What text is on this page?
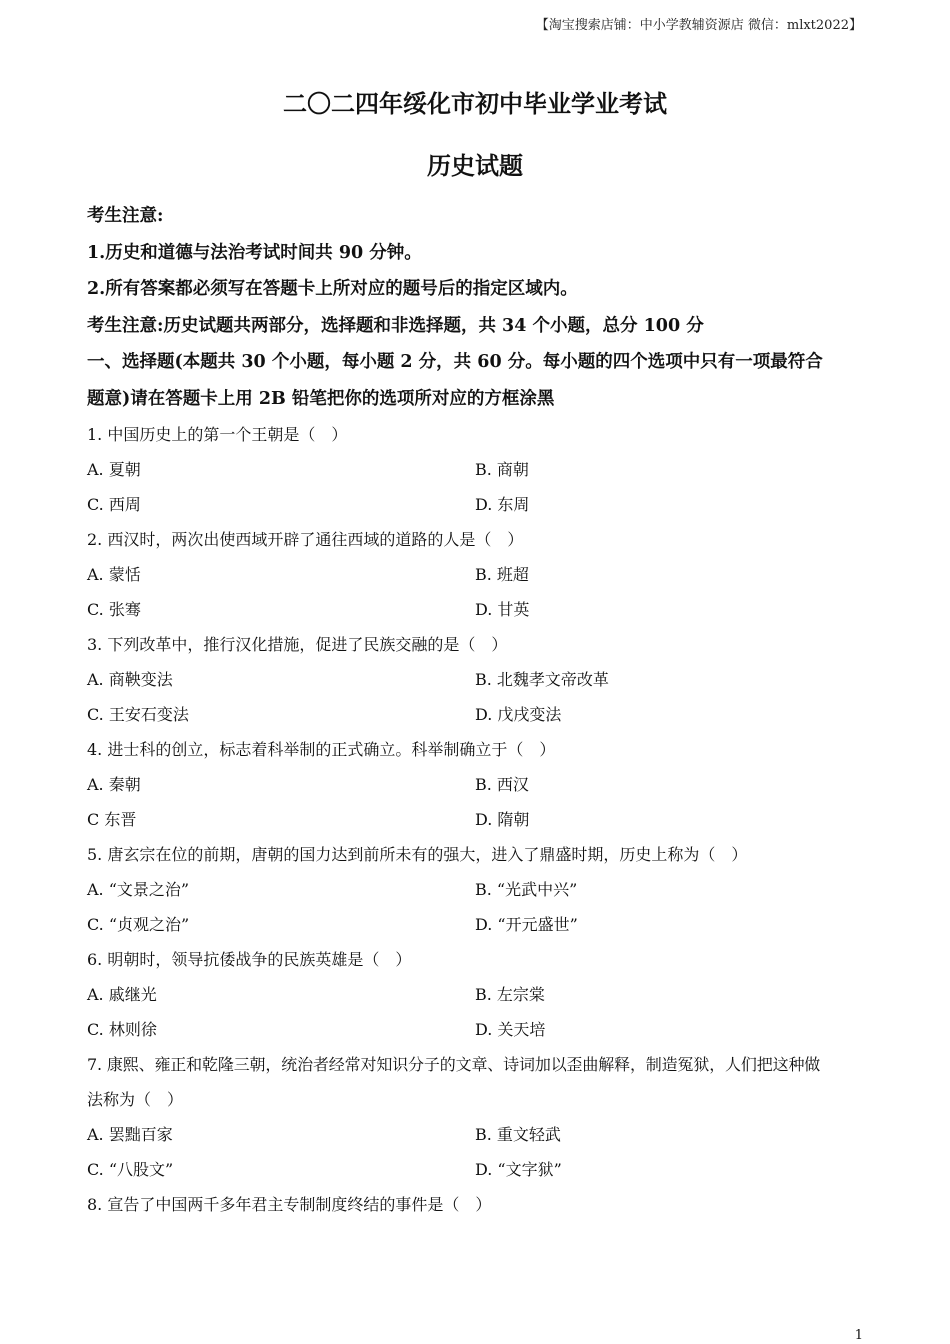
【淘宝搜索店铺：中小学教辅资源店 微信：mlxt2022】
二〇二四年绥化市初中毕业学业考试
历史试题
考生注意:
1.历史和道德与法治考试时间共 90 分钟。
2.所有答案都必须写在答题卡上所对应的题号后的指定区域内。
考生注意:历史试题共两部分，选择题和非选择题，共 34 个小题，总分 100 分
一、选择题(本题共 30 个小题，每小题 2 分，共 60 分。每小题的四个选项中只有一项最符合
题意)请在答题卡上用 2B 铅笔把你的选项所对应的方框涂黑
1. 中国历史上的第一个王朝是（　）
A. 夏朝	B. 商朝
C. 西周	D. 东周
2. 西汉时，两次出使西域开辟了通往西域的道路的人是（　）
A. 蒙恬	B. 班超
C. 张骞	D. 甘英
3. 下列改革中，推行汉化措施，促进了民族交融的是（　）
A. 商鞅变法	B. 北魏孝文帝改革
C. 王安石变法	D. 戊戌变法
4. 进士科的创立，标志着科举制的正式确立。科举制确立于（　）
A. 秦朝	B. 西汉
C 东晋	D. 隋朝
5. 唐玄宗在位的前期，唐朝的国力达到前所未有的强大，进入了鼎盛时期，历史上称为（　）
A. “文景之治”	B. “光武中兴”
C. “贞观之治”	D. “开元盛世”
6. 明朝时，领导抗倭战争的民族英雄是（　）
A. 戚继光	B. 左宗棠
C. 林则徐	D. 关天培
7. 康熙、雍正和乾隆三朝，统治者经常对知识分子的文章、诗词加以歪曲解释，制造冤狱，人们把这种做
法称为（　）
A. 罢黜百家	B. 重文轻武
C. “八股文”	D. “文字狱”
8. 宣告了中国两千多年君主专制制度终结的事件是（　）
1
